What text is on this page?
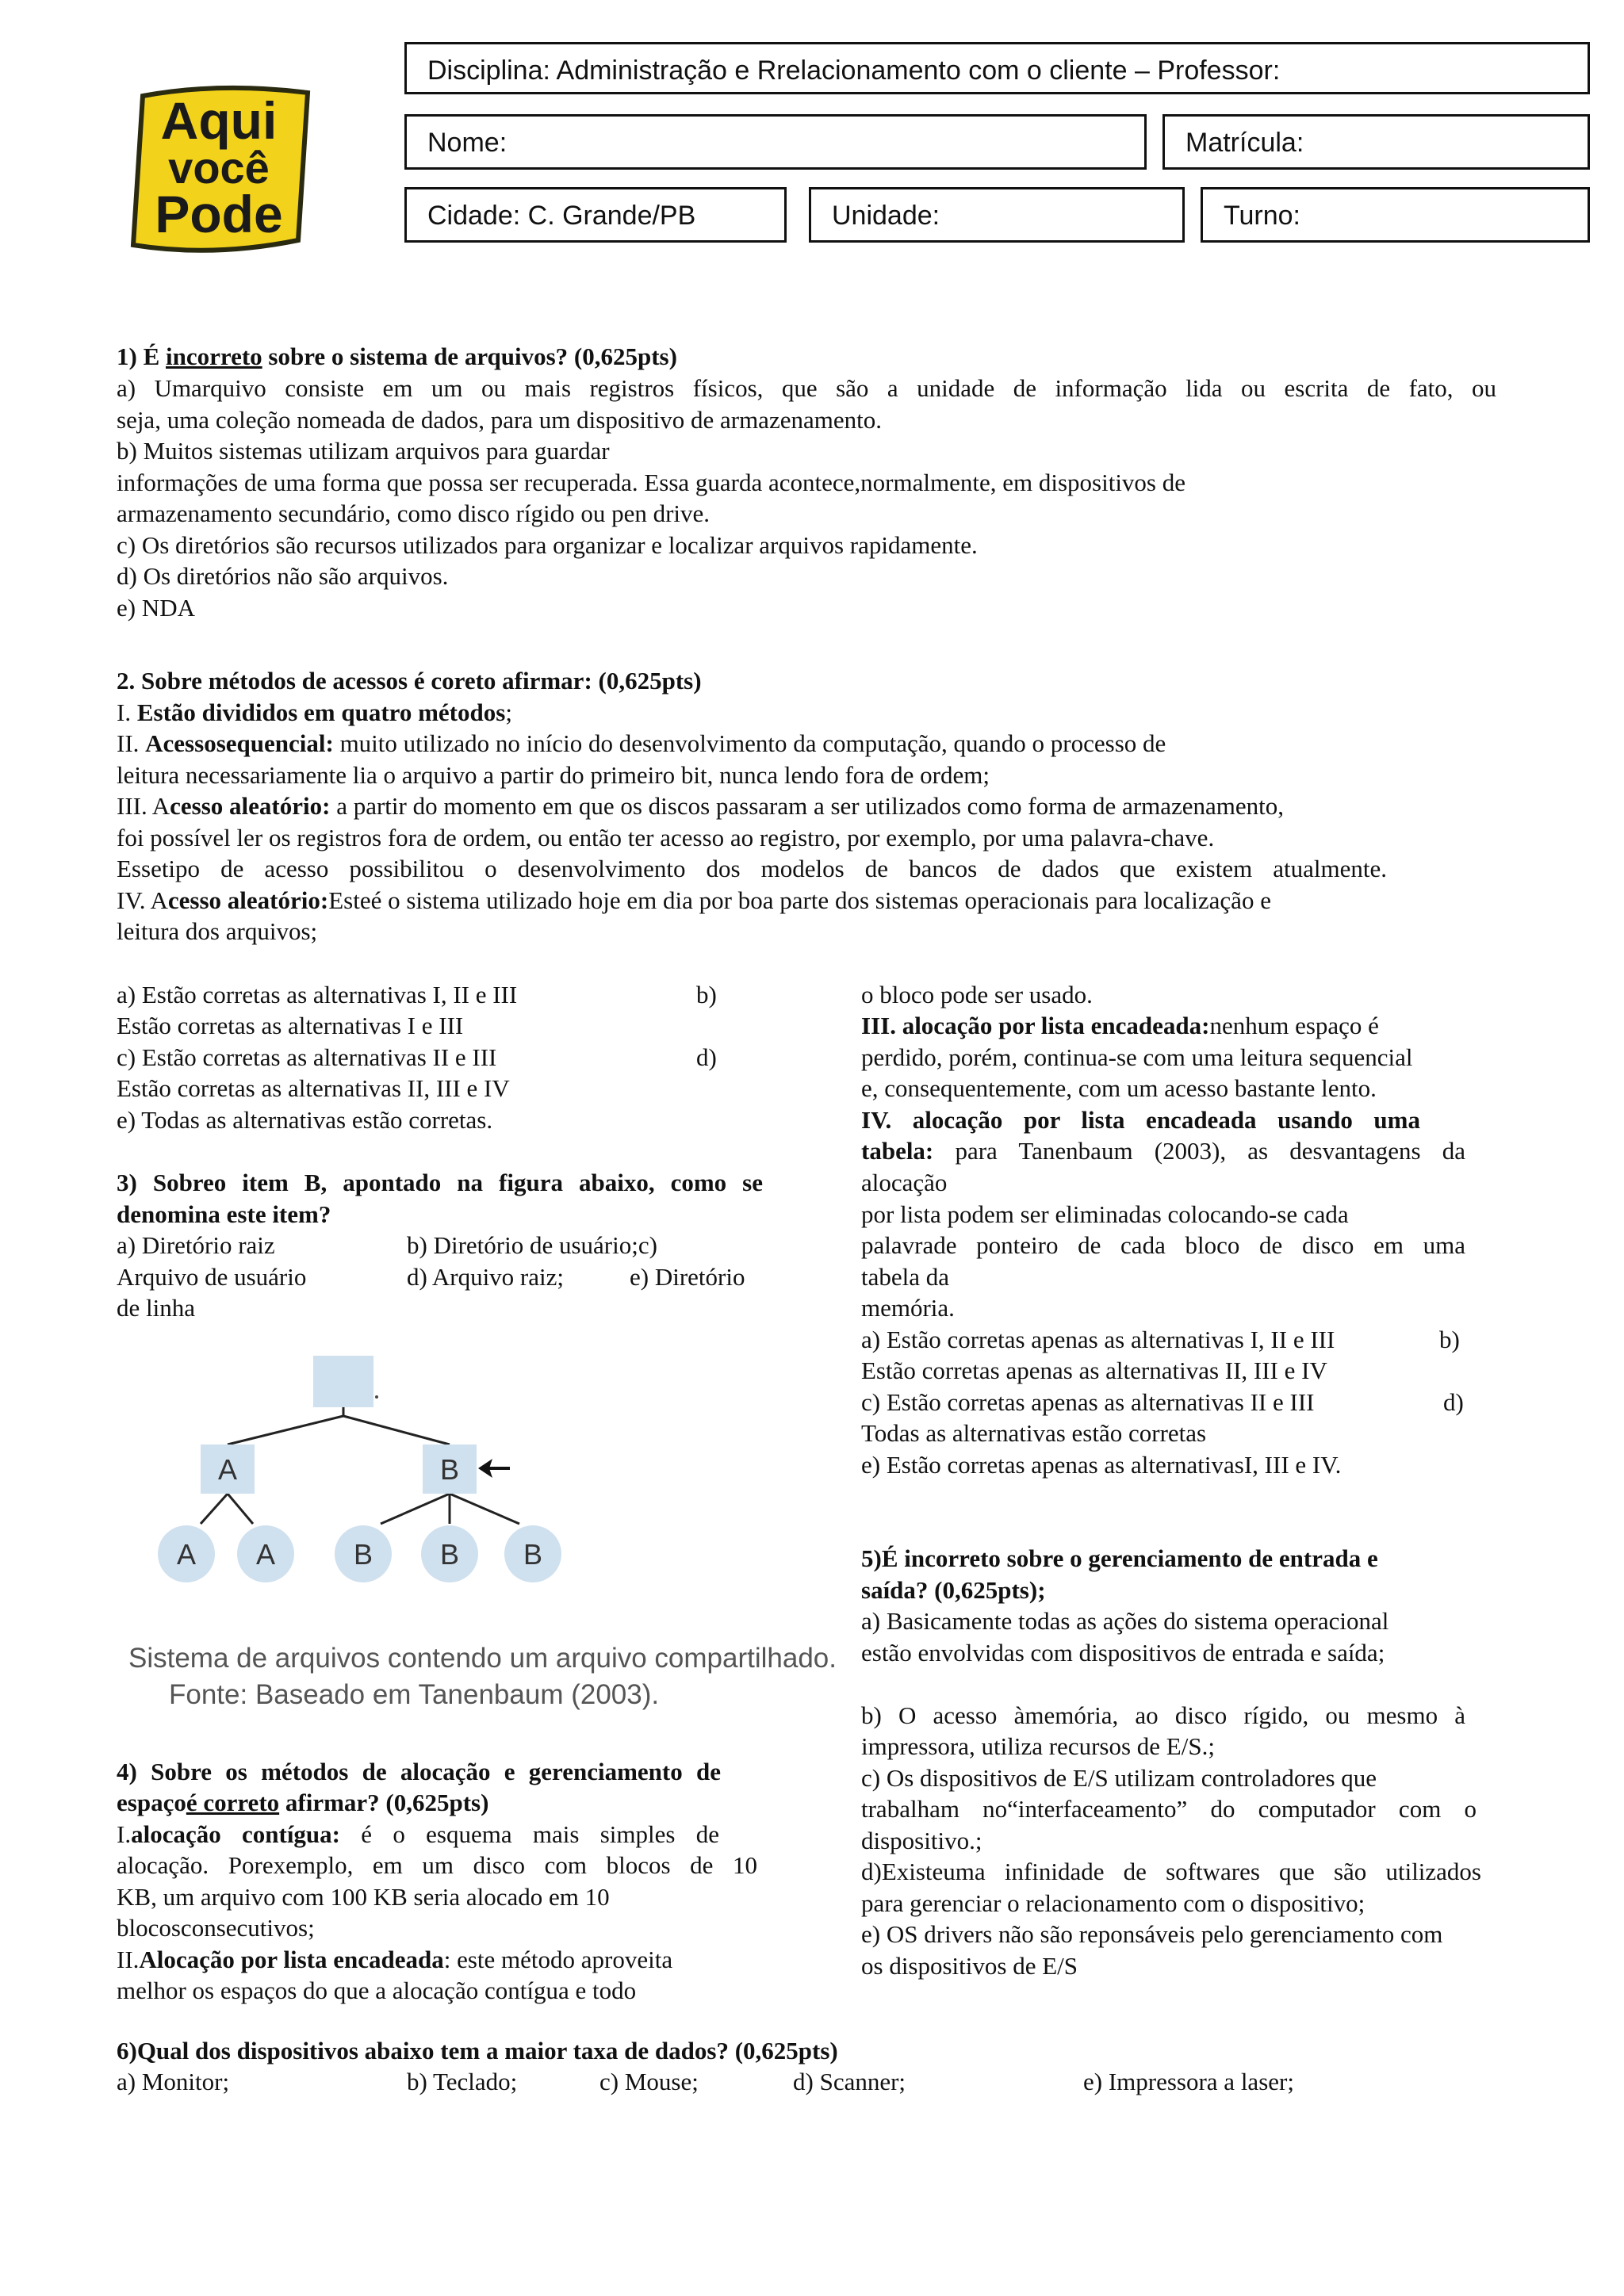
Aqui
você
Pode
Disciplina: Administração e Rrelacionamento com o cliente – Professor:
Nome:	Matrícula:
Cidade: C. Grande/PB	Unidade:	Turno:
1) É incorreto sobre o sistema de arquivos? (0,625pts)
a) Umarquivo consiste em um ou mais registros físicos, que são a unidade de informação lida ou escrita de fato, ou
seja, uma coleção nomeada de dados, para um dispositivo de armazenamento.
b) Muitos sistemas utilizam arquivos para guardar
informações de uma forma que possa ser recuperada. Essa guarda acontece,normalmente, em dispositivos de
armazenamento secundário, como disco rígido ou pen drive.
c) Os diretórios são recursos utilizados para organizar e localizar arquivos rapidamente.
d) Os diretórios não são arquivos.
e) NDA
2. Sobre métodos de acessos é coreto afirmar: (0,625pts)
I. Estão divididos em quatro métodos;
II. Acessosequencial: muito utilizado no início do desenvolvimento da computação, quando o processo de
leitura necessariamente lia o arquivo a partir do primeiro bit, nunca lendo fora de ordem;
III. Acesso aleatório: a partir do momento em que os discos passaram a ser utilizados como forma de armazenamento,
foi possível ler os registros fora de ordem, ou então ter acesso ao registro, por exemplo, por uma palavra-chave.
Essetipo de acesso possibilitou o desenvolvimento dos modelos de bancos de dados que existem atualmente.
IV. Acesso aleatório:Esteé o sistema utilizado hoje em dia por boa parte dos sistemas operacionais para localização e
leitura dos arquivos;
a) Estão corretas as alternativas I, II e III	b)
Estão corretas as alternativas I e III
c) Estão corretas as alternativas II e III	d)
Estão corretas as alternativas II, III e IV
e) Todas as alternativas estão corretas.
3) Sobreo item B, apontado na figura abaixo, como se
denomina este item?
a) Diretório raiz	b) Diretório de usuário;c)
Arquivo de usuário	d) Arquivo raiz;	e) Diretório
de linha
A	B
A A	B B B
Sistema de arquivos contendo um arquivo compartilhado.
Fonte: Baseado em Tanenbaum (2003).
4) Sobre os métodos de alocação e gerenciamento de
espaçoé correto afirmar? (0,625pts)
I.alocação contígua: é o esquema mais simples de
alocação. Porexemplo, em um disco com blocos de 10
KB, um arquivo com 100 KB seria alocado em 10
blocosconsecutivos;
II.Alocação por lista encadeada: este método aproveita
melhor os espaços do que a alocação contígua e todo
o bloco pode ser usado.
III. alocação por lista encadeada:nenhum espaço é
perdido, porém, continua-se com uma leitura sequencial
e, consequentemente, com um acesso bastante lento.
IV. alocação por lista encadeada usando uma
tabela: para Tanenbaum (2003), as desvantagens da
alocação
por lista podem ser eliminadas colocando-se cada
palavrade ponteiro de cada bloco de disco em uma
tabela da
memória.
a) Estão corretas apenas as alternativas I, II e III	b)
Estão corretas apenas as alternativas II, III e IV
c) Estão corretas apenas as alternativas II e III	d)
Todas as alternativas estão corretas
e) Estão corretas apenas as alternativasI, III e IV.
5)É incorreto sobre o gerenciamento de entrada e
saída? (0,625pts);
a) Basicamente todas as ações do sistema operacional
estão envolvidas com dispositivos de entrada e saída;
b) O acesso àmemória, ao disco rígido, ou mesmo à
impressora, utiliza recursos de E/S.;
c) Os dispositivos de E/S utilizam controladores que
trabalham no“interfaceamento” do computador com o
dispositivo.;
d)Existeuma infinidade de softwares que são utilizados
para gerenciar o relacionamento com o dispositivo;
e) OS drivers não são reponsáveis pelo gerenciamento com
os dispositivos de E/S
6)Qual dos dispositivos abaixo tem a maior taxa de dados? (0,625pts)
a) Monitor;	b) Teclado;	c) Mouse;	d) Scanner;	e) Impressora a laser;
